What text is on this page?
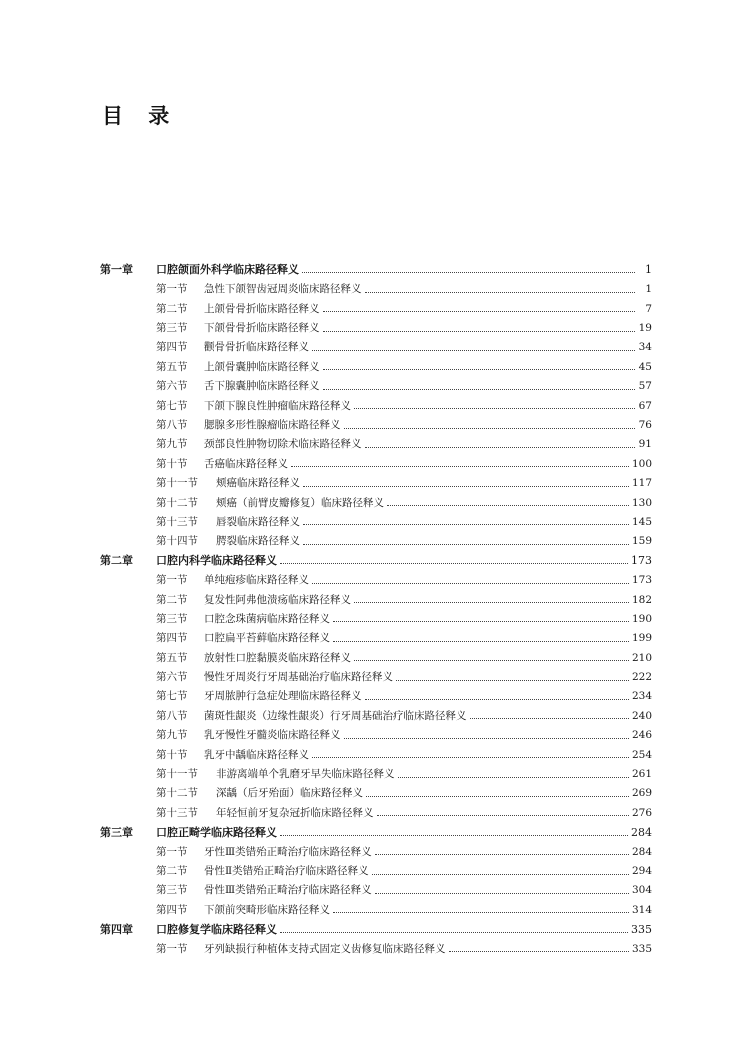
目 录
第一章	口腔颌面外科学临床路径释义	1
第一节	急性下颌智齿冠周炎临床路径释义	1
第二节	上颌骨骨折临床路径释义	7
第三节	下颌骨骨折临床路径释义	19
第四节	颧骨骨折临床路径释义	34
第五节	上颌骨囊肿临床路径释义	45
第六节	舌下腺囊肿临床路径释义	57
第七节	下颌下腺良性肿瘤临床路径释义	67
第八节	腮腺多形性腺瘤临床路径释义	76
第九节	颈部良性肿物切除术临床路径释义	91
第十节	舌癌临床路径释义	100
第十一节	颊癌临床路径释义	117
第十二节	颊癌（前臂皮瓣修复）临床路径释义	130
第十三节	唇裂临床路径释义	145
第十四节	腭裂临床路径释义	159
第二章	口腔内科学临床路径释义	173
第一节	单纯疱疹临床路径释义	173
第二节	复发性阿弗他溃疡临床路径释义	182
第三节	口腔念珠菌病临床路径释义	190
第四节	口腔扁平苔藓临床路径释义	199
第五节	放射性口腔黏膜炎临床路径释义	210
第六节	慢性牙周炎行牙周基础治疗临床路径释义	222
第七节	牙周脓肿行急症处理临床路径释义	234
第八节	菌斑性龈炎（边缘性龈炎）行牙周基础治疗临床路径释义	240
第九节	乳牙慢性牙髓炎临床路径释义	246
第十节	乳牙中龋临床路径释义	254
第十一节	非游离端单个乳磨牙早失临床路径释义	261
第十二节	深龋（后牙殆面）临床路径释义	269
第十三节	年轻恒前牙复杂冠折临床路径释义	276
第三章	口腔正畸学临床路径释义	284
第一节	牙性Ⅲ类错殆正畸治疗临床路径释义	284
第二节	骨性Ⅱ类错殆正畸治疗临床路径释义	294
第三节	骨性Ⅲ类错殆正畸治疗临床路径释义	304
第四节	下颌前突畸形临床路径释义	314
第四章	口腔修复学临床路径释义	335
第一节	牙列缺损行种植体支持式固定义齿修复临床路径释义	335
